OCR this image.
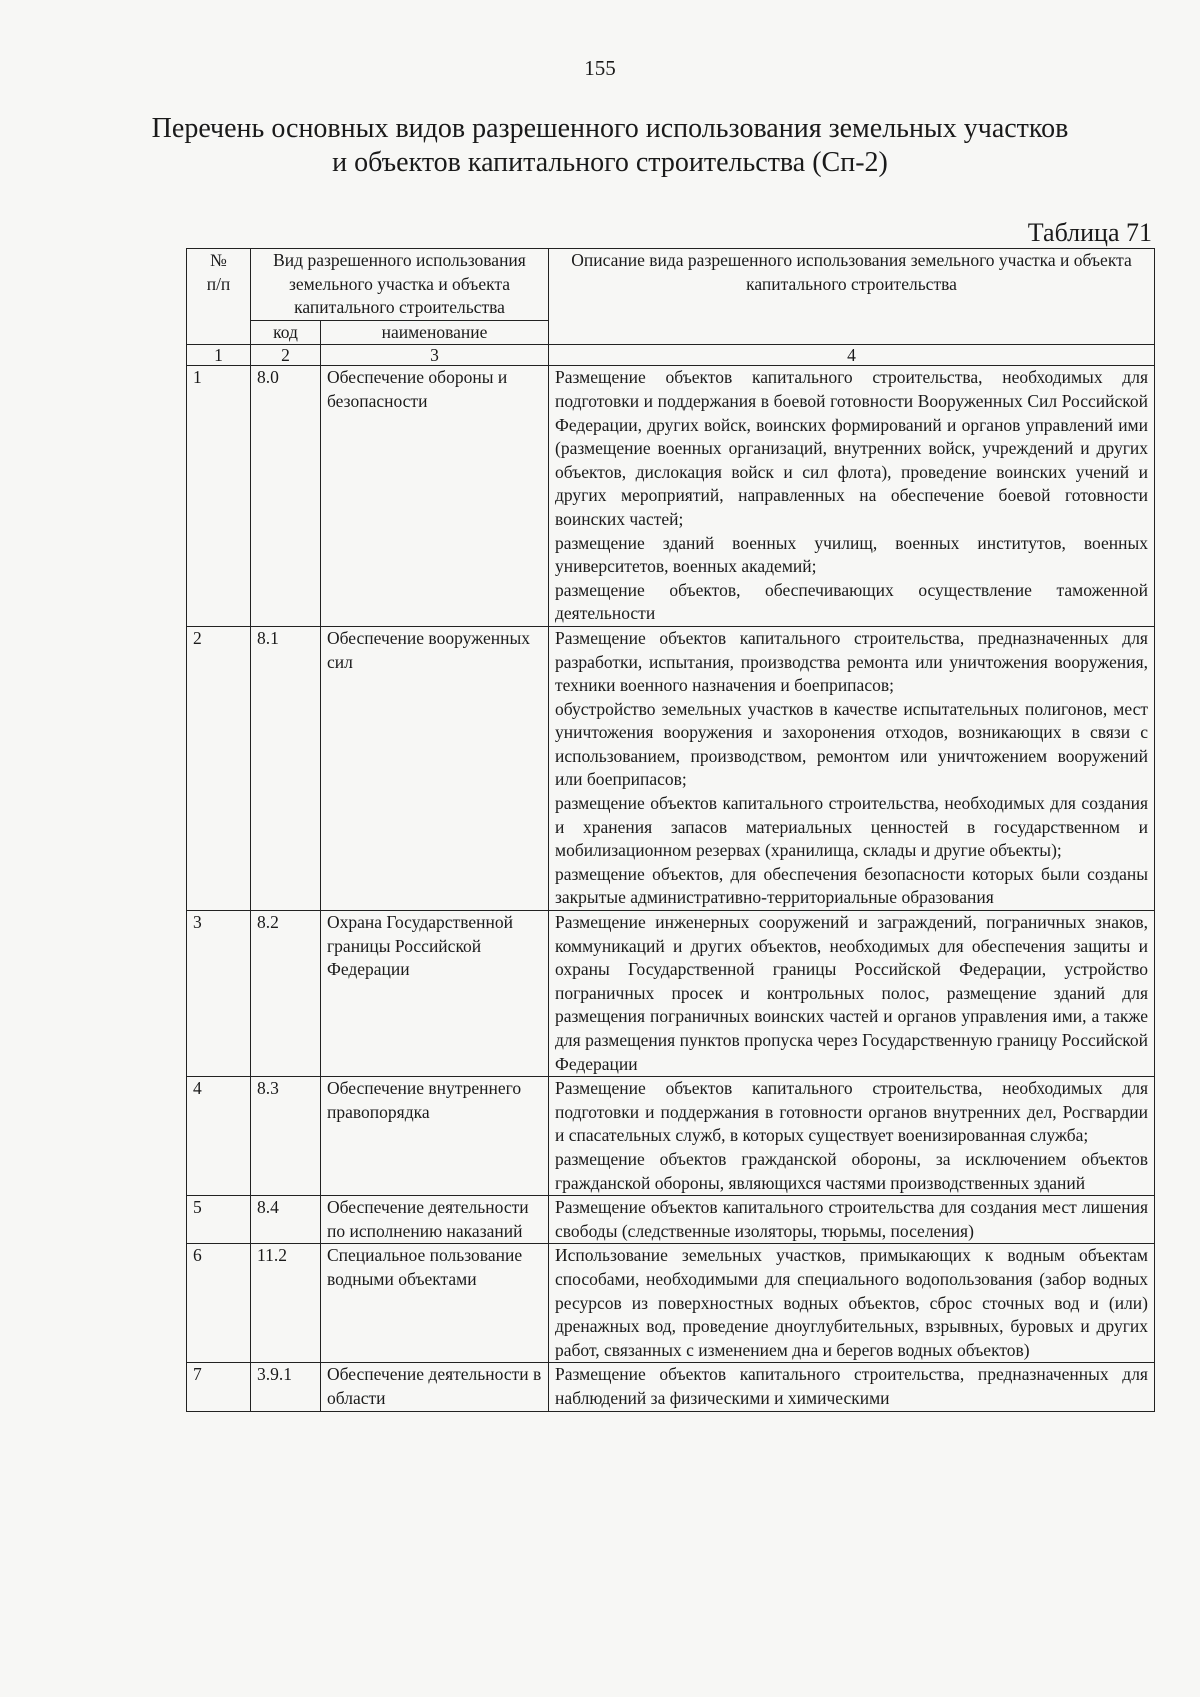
155
Перечень основных видов разрешенного использования земельных участков
и объектов капитального строительства (Сп-2)
Таблица 71
№
п/п	Вид разрешенного использования земельного участка и объекта капитального строительства		Описание вида разрешенного использования земельного участка и объекта капитального строительства
	код	наименование	
1	2	3	4
1	8.0	Обеспечение обороны и безопасности	Размещение объектов капитального строительства, необходимых для подготовки и поддержания в боевой готовности Вооруженных Сил Российской Федерации, других войск, воинских формирований и органов управлений ими (размещение военных организаций, внутренних войск, учреждений и других объектов, дислокация войск и сил флота), проведение воинских учений и других мероприятий, направленных на обеспечение боевой готовности воинских частей;
размещение зданий военных училищ, военных институтов, военных университетов, военных академий;
размещение объектов, обеспечивающих осуществление таможенной деятельности
2	8.1	Обеспечение вооруженных сил	Размещение объектов капитального строительства, предназначенных для разработки, испытания, производства ремонта или уничтожения вооружения, техники военного назначения и боеприпасов;
обустройство земельных участков в качестве испытательных полигонов, мест уничтожения вооружения и захоронения отходов, возникающих в связи с использованием, производством, ремонтом или уничтожением вооружений или боеприпасов;
размещение объектов капитального строительства, необходимых для создания и хранения запасов материальных ценностей в государственном и мобилизационном резервах (хранилища, склады и другие объекты);
размещение объектов, для обеспечения безопасности которых были созданы закрытые административно-территориальные образования
3	8.2	Охрана Государственной границы Российской Федерации	Размещение инженерных сооружений и заграждений, пограничных знаков, коммуникаций и других объектов, необходимых для обеспечения защиты и охраны Государственной границы Российской Федерации, устройство пограничных просек и контрольных полос, размещение зданий для размещения пограничных воинских частей и органов управления ими, а также для размещения пунктов пропуска через Государственную границу Российской Федерации
4	8.3	Обеспечение внутреннего правопорядка	Размещение объектов капитального строительства, необходимых для подготовки и поддержания в готовности органов внутренних дел, Росгвардии и спасательных служб, в которых существует военизированная служба;
размещение объектов гражданской обороны, за исключением объектов гражданской обороны, являющихся частями производственных зданий
5	8.4	Обеспечение деятельности по исполнению наказаний	Размещение объектов капитального строительства для создания мест лишения свободы (следственные изоляторы, тюрьмы, поселения)
6	11.2	Специальное пользование водными объектами	Использование земельных участков, примыкающих к водным объектам способами, необходимыми для специального водопользования (забор водных ресурсов из поверхностных водных объектов, сброс сточных вод и (или) дренажных вод, проведение дноуглубительных, взрывных, буровых и других работ, связанных с изменением дна и берегов водных объектов)
7	3.9.1	Обеспечение деятельности в области	Размещение объектов капитального строительства, предназначенных для наблюдений за физическими и химическими
